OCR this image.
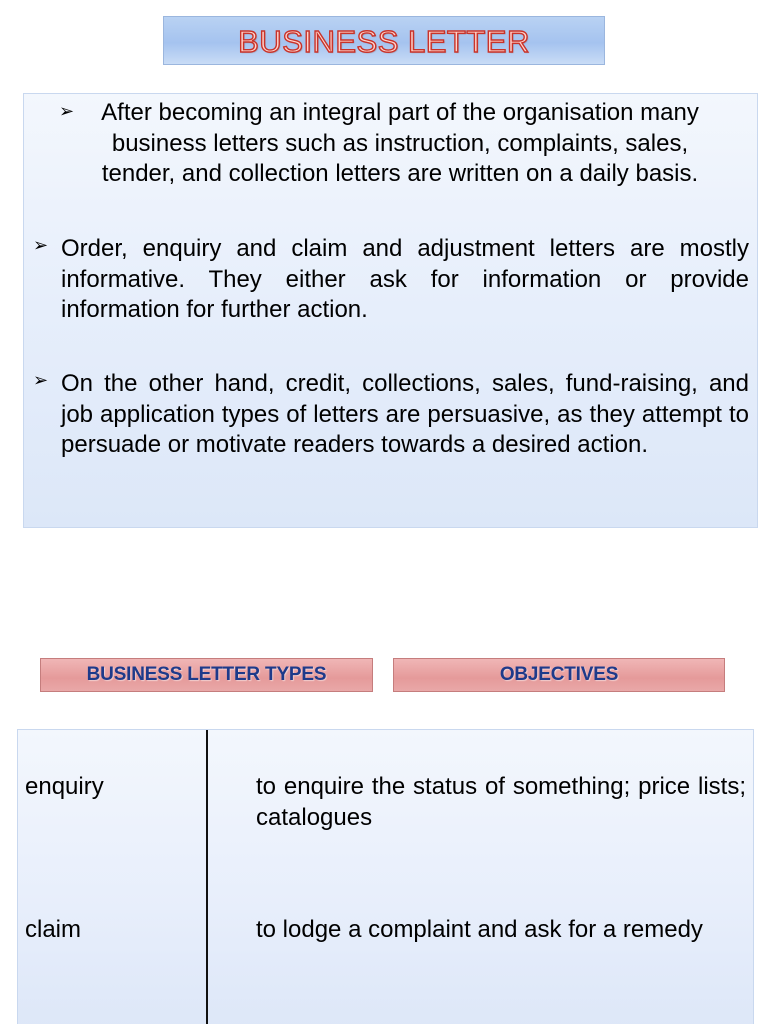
BUSINESS LETTER
➢	After becoming an integral part of the organisation many business letters such as instruction, complaints, sales, tender, and collection letters are written on a daily basis.
➢ Order, enquiry and claim and adjustment letters are mostly informative. They either ask for information or provide information for further action.
➢ On the other hand, credit, collections, sales, fund-raising, and job application types of letters are persuasive, as they attempt to persuade or motivate readers towards a desired action.
BUSINESS LETTER TYPES	OBJECTIVES
enquiry	to enquire the status of something; price lists; catalogues
claim	to lodge a complaint and ask for a remedy
